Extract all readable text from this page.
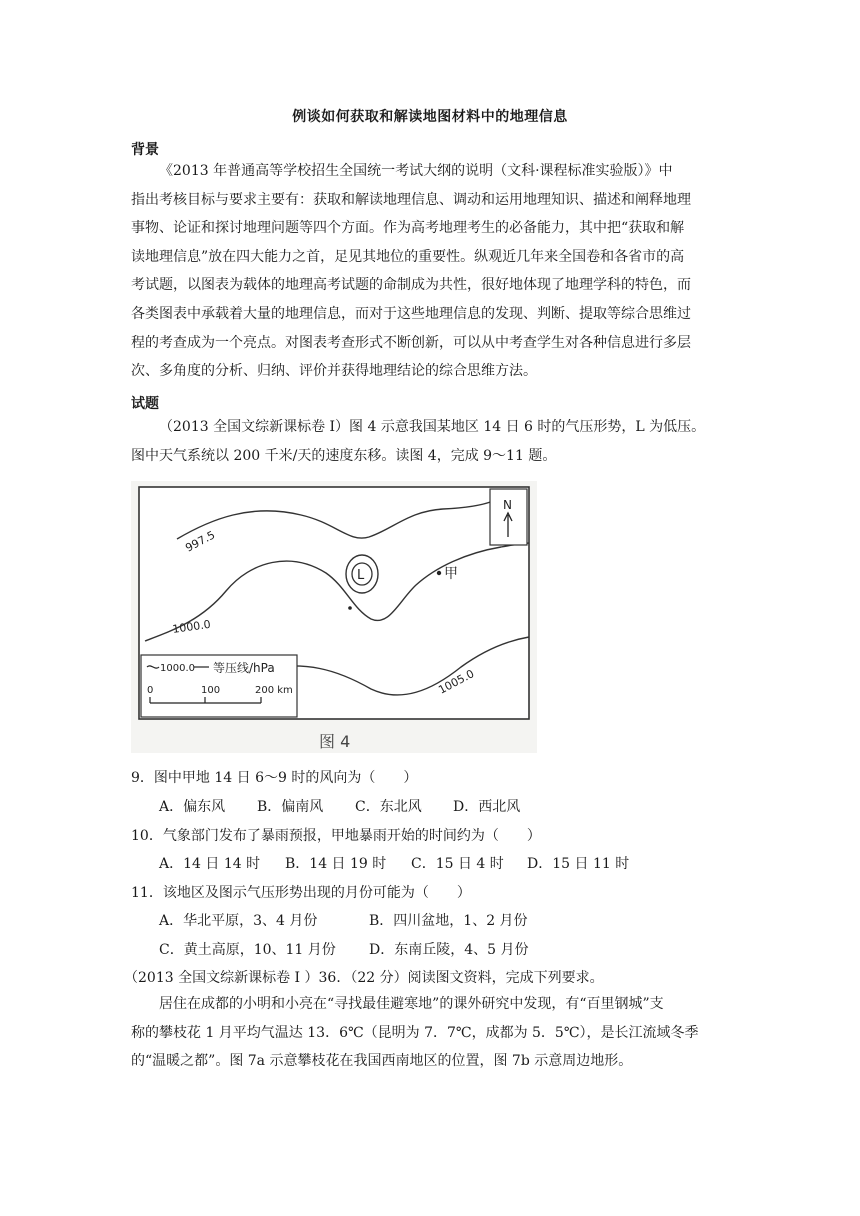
例谈如何获取和解读地图材料中的地理信息
背景

《2013 年普通高等学校招生全国统一考试大纲的说明（文科·课程标准实验版）》中

指出考核目标与要求主要有：获取和解读地理信息、调动和运用地理知识、描述和阐释地理

事物、论证和探讨地理问题等四个方面。作为高考地理考生的必备能力，其中把“获取和解

读地理信息”放在四大能力之首，足见其地位的重要性。纵观近几年来全国卷和各省市的高

考试题，以图表为载体的地理高考试题的命制成为共性，很好地体现了地理学科的特色，而

各类图表中承载着大量的地理信息，而对于这些地理信息的发现、判断、提取等综合思维过

程的考查成为一个亮点。对图表考查形式不断创新，可以从中考查学生对各种信息进行多层

次、多角度的分析、归纳、评价并获得地理结论的综合思维方法。

试题

（2013 全国文综新课标卷 I）图 4 示意我国某地区 14 日 6 时的气压形势，L 为低压。

图中天气系统以 200 千米/天的速度东移。读图 4，完成 9～11 题。

L	甲
997.5
1000.0
1005.0
N
1000.0 等压线/hPa
0	100	200 km
图 4
9．图中甲地 14 日 6～9 时的风向为（　　）
A．偏东风 B．偏南风 C．东北风 D．西北风
10．气象部门发布了暴雨预报，甲地暴雨开始的时间约为（　　）
A．14 日 14 时 B．14 日 19 时 C．15 日 4 时 D．15 日 11 时
11．该地区及图示气压形势出现的月份可能为（　　）
A．华北平原，3、4 月份	B．四川盆地，1、2 月份
C．黄土高原，10、11 月份 D．东南丘陵，4、5 月份
（2013 全国文综新课标卷 I ）36．（22 分）阅读图文资料，完成下列要求。

居住在成都的小明和小亮在“寻找最佳避寒地”的课外研究中发现，有“百里钢城”支

称的攀枝花 1 月平均气温达 13．6℃（昆明为 7．7℃，成都为 5．5℃），是长江流域冬季

的“温暖之都”。图 7a 示意攀枝花在我国西南地区的位置，图 7b 示意周边地形。
